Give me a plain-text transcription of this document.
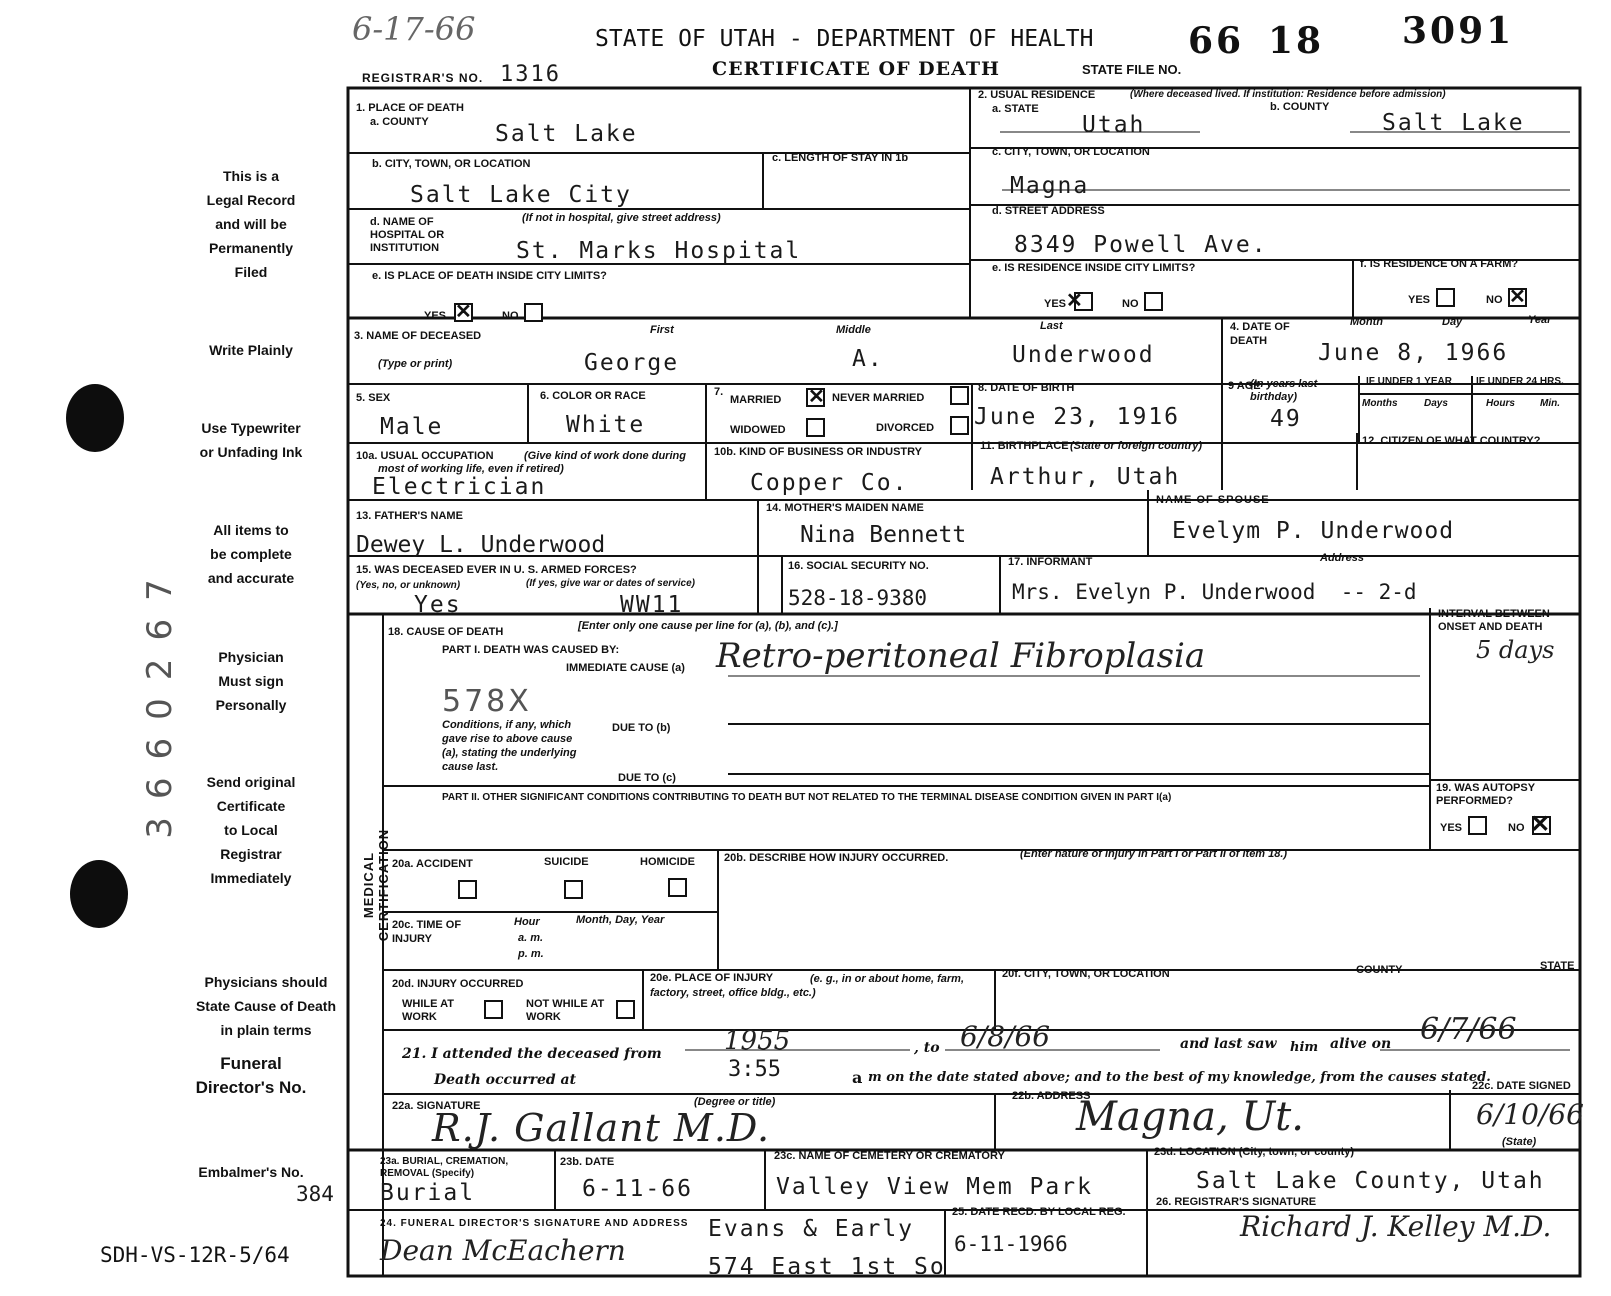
3660267
6-17-66	STATE OF UTAH - DEPARTMENT OF HEALTH	66 18 3091
REGISTRAR'S NO. 1316	CERTIFICATE OF DEATH	STATE FILE NO.
This is a
Legal Record
and will be
Permanently
Filed
Write Plainly
Use Typewriter
or Unfading Ink
All items to
be complete
and accurate
Physician
Must sign
Personally
Send original
Certificate
to Local
Registrar
Immediately
Physicians should
State Cause of Death
in plain terms
Funeral
Director's No.
Embalmer's No.
384
SDH-VS-12R-5/64
1. PLACE OF DEATH
a. COUNTY	Salt Lake
b. CITY, TOWN, OR LOCATION
Salt Lake City
c. LENGTH OF STAY IN 1b
d. NAME OF HOSPITAL OR INSTITUTION
(If not in hospital, give street address)
St. Marks Hospital
e. IS PLACE OF DEATH INSIDE CITY LIMITS?
YES ✕	NO
2. USUAL RESIDENCE	(Where deceased lived. If institution: Residence before admission)
a. STATE
Utah
b. COUNTY
Salt Lake
c. CITY, TOWN, OR LOCATION
Magna
d. STREET ADDRESS
8349 Powell Ave.
e. IS RESIDENCE INSIDE CITY LIMITS?
YES ✕	NO
f. IS RESIDENCE ON A FARM?
YES	NO ✕
3. NAME OF DECEASED
(Type or print)
First	Middle	Last
George	A.	Underwood
4. DATE OF DEATH
Month	Day	Year
June 8, 1966
5. SEX
Male
6. COLOR OR RACE
White
7.
MARRIED ✕ NEVER MARRIED
WIDOWED	DIVORCED
8. DATE OF BIRTH
June 23, 1916
9 AGE
(In years last birthday)
49
IF UNDER 1 YEAR IF UNDER 24 HRS.
Months	Days	Hours	Min.
10a. USUAL OCCUPATION	(Give kind of work done during most of working life, even if retired)
Electrician
10b. KIND OF BUSINESS OR INDUSTRY
Copper Co.
11. BIRTHPLACE (State or foreign country)
Arthur, Utah
12. CITIZEN OF WHAT COUNTRY?
13. FATHER'S NAME
Dewey L. Underwood
14. MOTHER'S MAIDEN NAME
Nina Bennett
NAME OF SPOUSE
Evelym P. Underwood
15. WAS DECEASED EVER IN U. S. ARMED FORCES?
(Yes, no, or unknown)	(If yes, give war or dates of service)
Yes	WW11
16. SOCIAL SECURITY NO.
528-18-9380
17. INFORMANT	Address
Mrs. Evelyn P. Underwood  -- 2-d
MEDICAL CERTIFICATION
18. CAUSE OF DEATH	[Enter only one cause per line for (a), (b), and (c).]
PART I. DEATH WAS CAUSED BY:
IMMEDIATE CAUSE (a) Retro-peritoneal Fibroplasia
INTERVAL BETWEEN ONSET AND DEATH
5 days
578X
Conditions, if any, which gave rise to above cause (a), stating the underlying cause last.
DUE TO (b)
DUE TO (c)
PART II. OTHER SIGNIFICANT CONDITIONS CONTRIBUTING TO DEATH BUT NOT RELATED TO THE TERMINAL DISEASE CONDITION GIVEN IN PART I(a)
19. WAS AUTOPSY PERFORMED?
YES	NO ✕
20a. ACCIDENT	SUICIDE	HOMICIDE	20b. DESCRIBE HOW INJURY OCCURRED.	(Enter nature of injury in Part I or Part II of item 18.)
20c. TIME OF INJURY
Hour
a. m.
p. m.
Month, Day, Year
20d. INJURY OCCURRED
WHILE AT WORK
NOT WHILE AT WORK
20e. PLACE OF INJURY	(e. g., in or about home, farm, factory, street, office bldg., etc.)
20f. CITY, TOWN, OR LOCATION	COUNTY	STATE
21. I attended the deceased from 1955	, to 6/8/66	and last saw him alive on 6/7/66
Death occurred at	3:55	a m on the date stated above; and to the best of my knowledge, from the causes stated.
22a. SIGNATURE	(Degree or title)
R.J. Gallant M.D.
22b. ADDRESS
Magna, Ut.
22c. DATE SIGNED
6/10/66
23a. BURIAL, CREMATION, REMOVAL (Specify)
Burial
23b. DATE
6-11-66
23c. NAME OF CEMETERY OR CREMATORY
Valley View Mem Park
23d. LOCATION (City, town, or county)
(State)
Salt Lake County, Utah
24. FUNERAL DIRECTOR'S SIGNATURE AND ADDRESS
Dean McEachern
Evans & Early
574 East 1st So
25. DATE RECD. BY LOCAL REG.
6-11-1966
26. REGISTRAR'S SIGNATURE
Richard J. Kelley M.D.
